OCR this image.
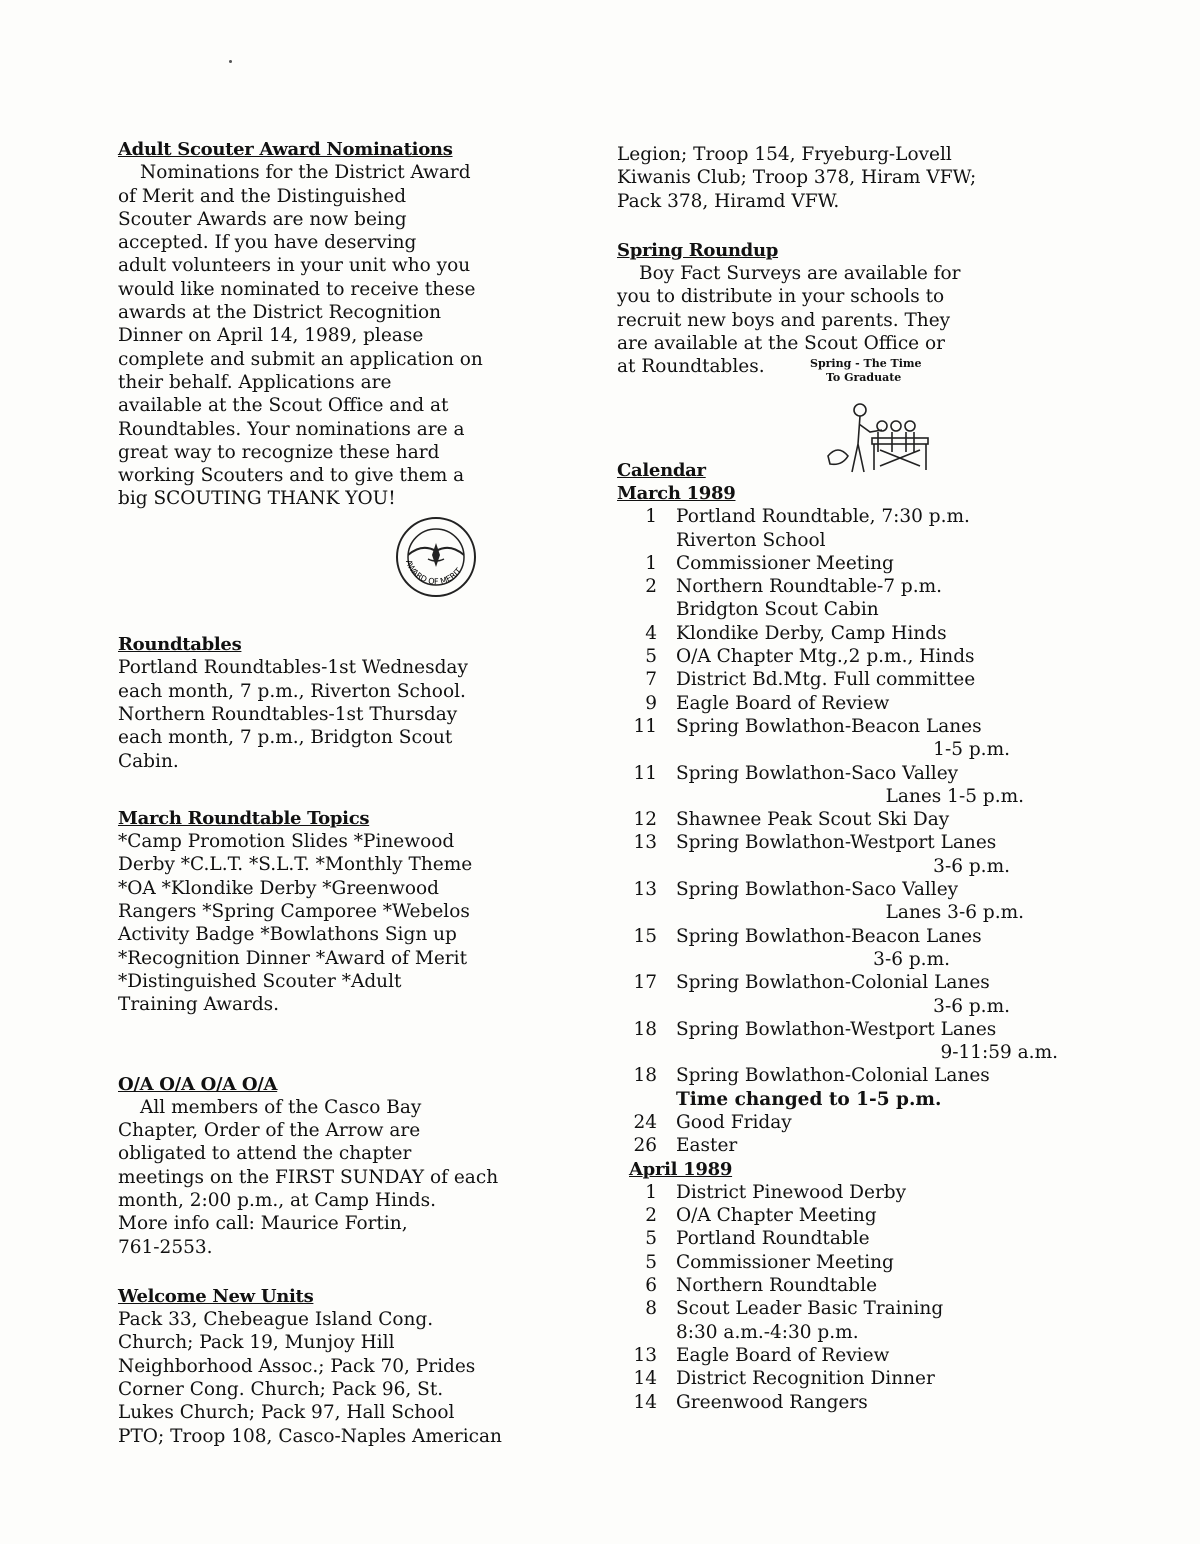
Adult Scouter Award Nominations

Nominations for the District Award

of Merit and the Distinguished

Scouter Awards are now being

accepted. If you have deserving

adult volunteers in your unit who you

would like nominated to receive these

awards at the District Recognition

Dinner on April 14, 1989, please

complete and submit an application on

their behalf. Applications are

available at the Scout Office and at

Roundtables. Your nominations are a

great way to recognize these hard

working Scouters and to give them a

big SCOUTING THANK YOU!

AWARD OF MERIT
Roundtables

Portland Roundtables-1st Wednesday

each month, 7 p.m., Riverton School.

Northern Roundtables-1st Thursday

each month, 7 p.m., Bridgton Scout

Cabin.

March Roundtable Topics

*Camp Promotion Slides *Pinewood

Derby *C.L.T. *S.L.T. *Monthly Theme

*OA *Klondike Derby *Greenwood

Rangers *Spring Camporee *Webelos

Activity Badge *Bowlathons Sign up

*Recognition Dinner *Award of Merit

*Distinguished Scouter *Adult

Training Awards.

O/A O/A O/A O/A

All members of the Casco Bay

Chapter, Order of the Arrow are

obligated to attend the chapter

meetings on the FIRST SUNDAY of each

month, 2:00 p.m., at Camp Hinds.

More info call: Maurice Fortin,

761-2553.

Welcome New Units

Pack 33, Chebeague Island Cong.

Church; Pack 19, Munjoy Hill

Neighborhood Assoc.; Pack 70, Prides

Corner Cong. Church; Pack 96, St.

Lukes Church; Pack 97, Hall School

PTO; Troop 108, Casco-Naples American

Legion; Troop 154, Fryeburg-Lovell

Kiwanis Club; Troop 378, Hiram VFW;

Pack 378, Hiramd VFW.

Spring Roundup

Boy Fact Surveys are available for

you to distribute in your schools to

recruit new boys and parents. They

are available at the Scout Office or

at Roundtables.

Calendar
March 1989
1	Portland Roundtable, 7:30 p.m.
Riverton School
1	Commissioner Meeting
2	Northern Roundtable-7 p.m.
Bridgton Scout Cabin
4	Klondike Derby, Camp Hinds
5	O/A Chapter Mtg.,2 p.m., Hinds
7	District Bd.Mtg. Full committee
9	Eagle Board of Review
11	Spring Bowlathon-Beacon Lanes
1-5 p.m.
11	Spring Bowlathon-Saco Valley
Lanes 1-5 p.m.
12	Shawnee Peak Scout Ski Day
13	Spring Bowlathon-Westport Lanes
3-6 p.m.
13	Spring Bowlathon-Saco Valley
Lanes 3-6 p.m.
15	Spring Bowlathon-Beacon Lanes
3-6 p.m.
17	Spring Bowlathon-Colonial Lanes
3-6 p.m.
18	Spring Bowlathon-Westport Lanes
9-11:59 a.m.
18	Spring Bowlathon-Colonial Lanes
Time changed to 1-5 p.m.
24	Good Friday
26	Easter
April 1989
1	District Pinewood Derby
2	O/A Chapter Meeting
5	Portland Roundtable
5	Commissioner Meeting
6	Northern Roundtable
8	Scout Leader Basic Training
8:30 a.m.-4:30 p.m.
13	Eagle Board of Review
14	District Recognition Dinner
14	Greenwood Rangers
Spring - The Time
To Graduate
